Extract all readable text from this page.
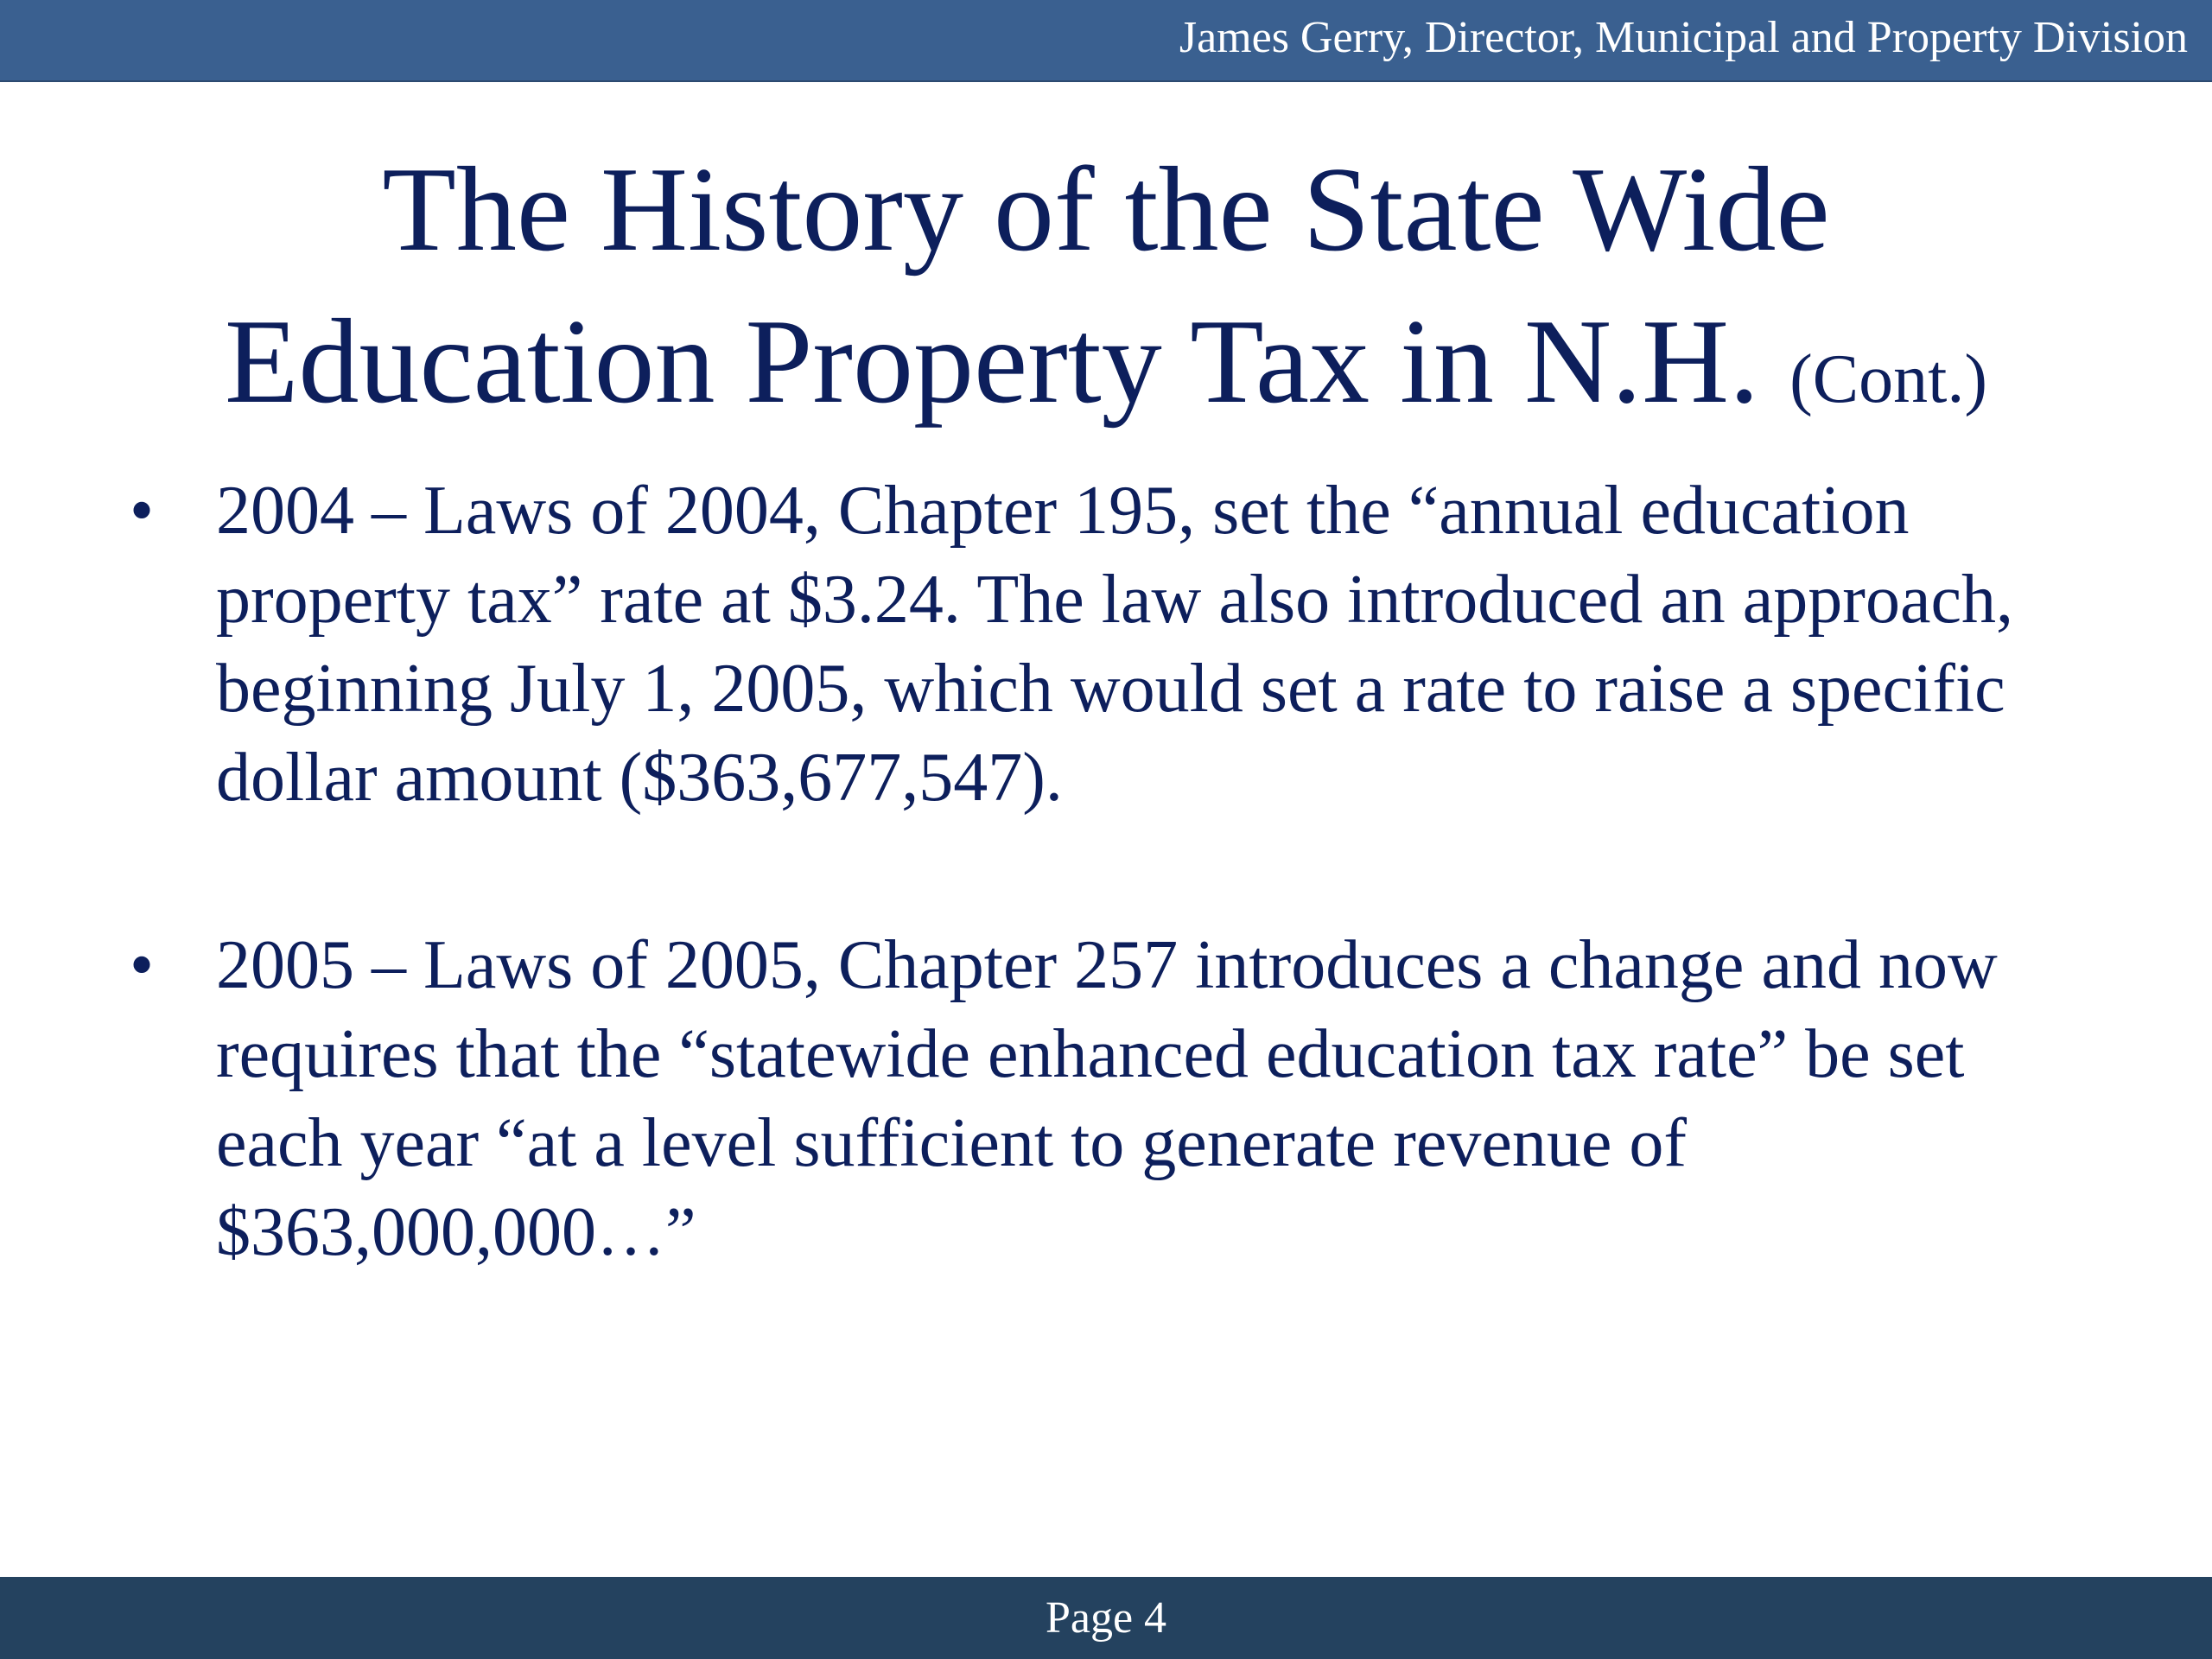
James Gerry, Director, Municipal and Property Division
The History of the State Wide
Education Property Tax in N.H. (Cont.)
• 2004 – Laws of 2004, Chapter 195, set the “annual education property tax” rate at $3.24. The law also introduced an approach, beginning July 1, 2005, which would set a rate to raise a specific dollar amount ($363,677,547).
• 2005 – Laws of 2005, Chapter 257 introduces a change and now requires that the “statewide enhanced education tax rate” be set each year “at a level sufficient to generate revenue of $363,000,000…”
Page 4
